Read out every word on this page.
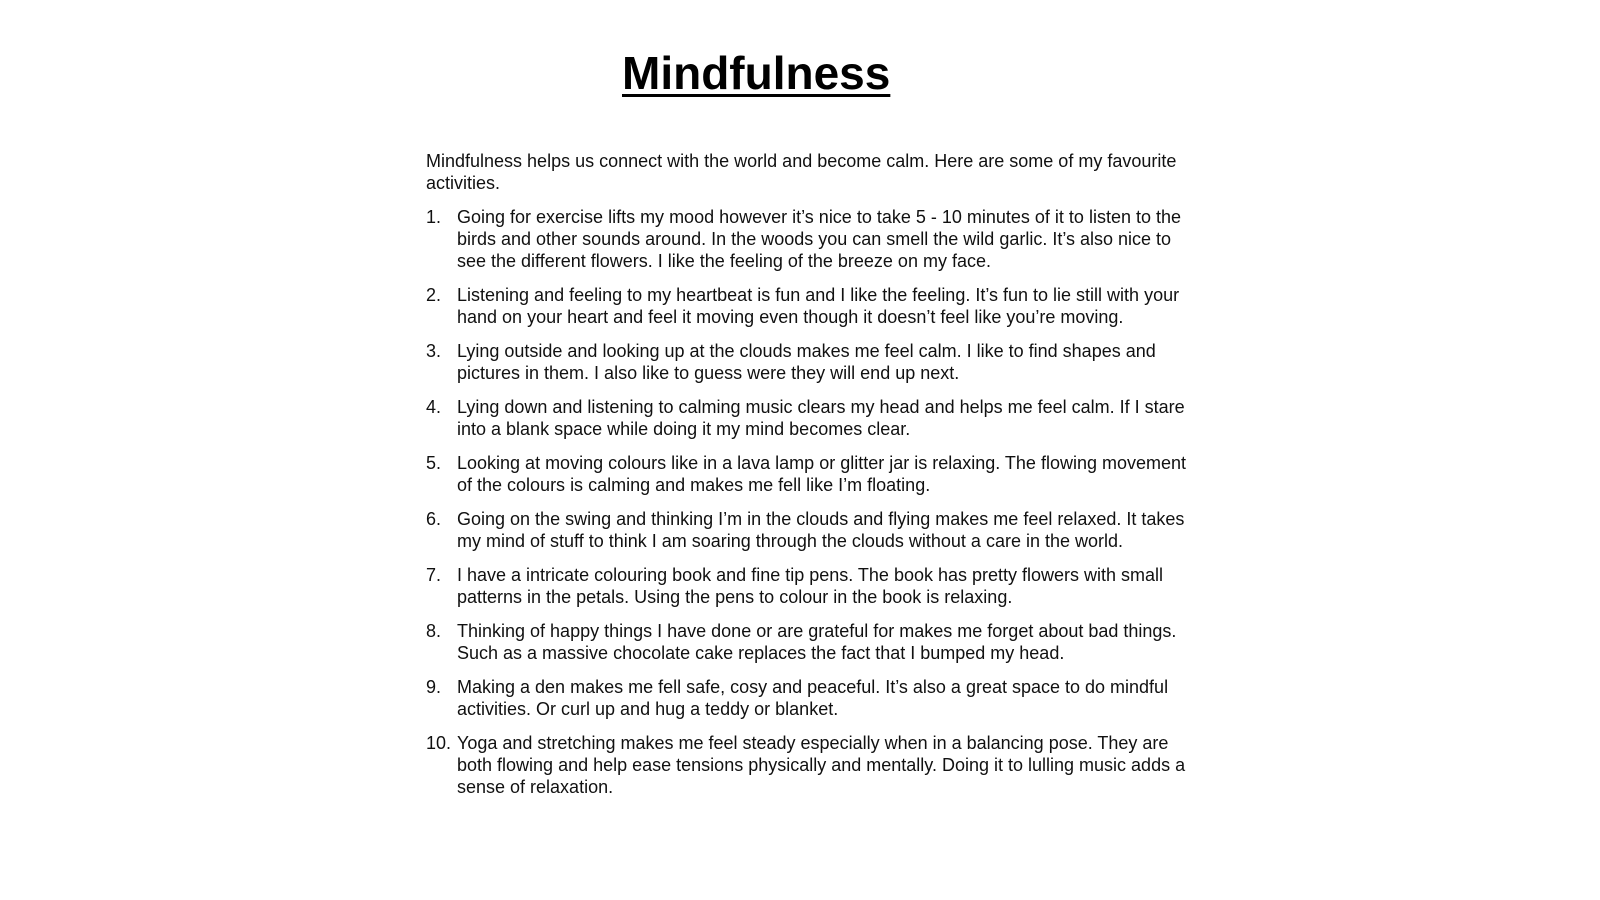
Mindfulness

Mindfulness helps us connect with the world and become calm. Here are some of my favourite activities.

1. Going for exercise lifts my mood however it’s nice to take 5 - 10 minutes of it to listen to the birds and other sounds around. In the woods you can smell the wild garlic. It’s also nice to see the different flowers. I like the feeling of the breeze on my face.
2. Listening and feeling to my heartbeat is fun and I like the feeling. It’s fun to lie still with your hand on your heart and feel it moving even though it doesn’t feel like you’re moving.
3. Lying outside and looking up at the clouds makes me feel calm. I like to find shapes and pictures in them. I also like to guess were they will end up next.
4. Lying down and listening to calming music clears my head and helps me feel calm. If I stare into a blank space while doing it my mind becomes clear.
5. Looking at moving colours like in a lava lamp or glitter jar is relaxing. The flowing movement of the colours is calming and makes me fell like I’m floating.
6. Going on the swing and thinking I’m in the clouds and flying makes me feel relaxed. It takes my mind of stuff to think I am soaring through the clouds without a care in the world.
7. I have a intricate colouring book and fine tip pens. The book has pretty flowers with small patterns in the petals. Using the pens to colour in the book is relaxing.
8. Thinking of happy things I have done or are grateful for makes me forget about bad things. Such as a massive chocolate cake replaces the fact that I bumped my head.
9. Making a den makes me fell safe, cosy and peaceful. It’s also a great space to do mindful activities. Or curl up and hug a teddy or blanket.
10. Yoga and stretching makes me feel steady especially when in a balancing pose. They are both flowing and help ease tensions physically and mentally. Doing it to lulling music adds a sense of relaxation.
